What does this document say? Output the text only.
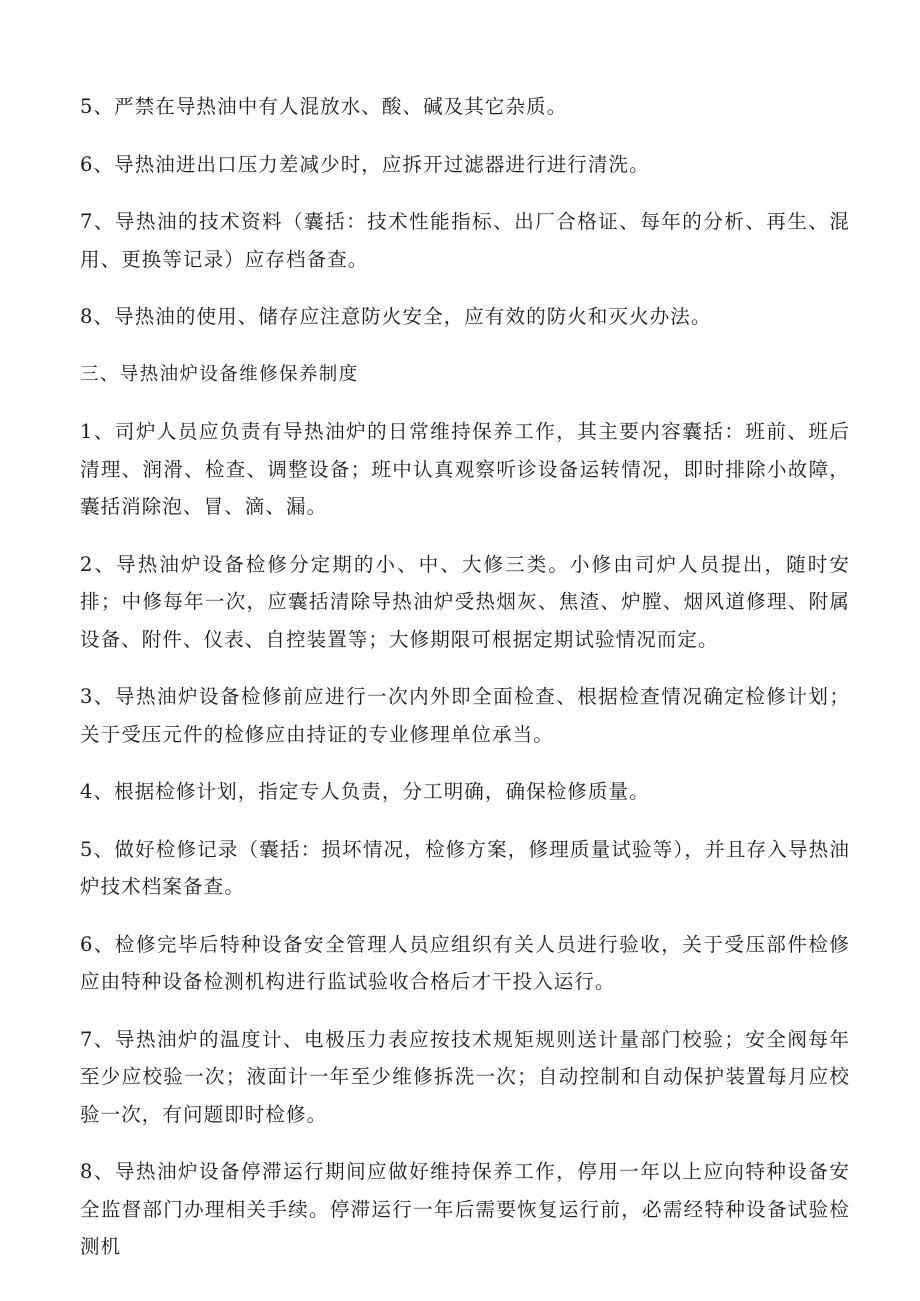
5、严禁在导热油中有人混放水、酸、碱及其它杂质。

6、导热油进出口压力差减少时，应拆开过滤器进行进行清洗。

7、导热油的技术资料（囊括：技术性能指标、出厂合格证、每年的分析、再生、混用、更换等记录）应存档备查。

8、导热油的使用、储存应注意防火安全，应有效的防火和灭火办法。

三、导热油炉设备维修保养制度

1、司炉人员应负责有导热油炉的日常维持保养工作，其主要内容囊括：班前、班后清理、润滑、检查、调整设备；班中认真观察听诊设备运转情况，即时排除小故障，囊括消除泡、冒、滴、漏。

2、导热油炉设备检修分定期的小、中、大修三类。小修由司炉人员提出，随时安排；中修每年一次，应囊括清除导热油炉受热烟灰、焦渣、炉膛、烟风道修理、附属设备、附件、仪表、自控装置等；大修期限可根据定期试验情况而定。

3、导热油炉设备检修前应进行一次内外即全面检查、根据检查情况确定检修计划；关于受压元件的检修应由持证的专业修理单位承当。

4、根据检修计划，指定专人负责，分工明确，确保检修质量。

5、做好检修记录（囊括：损坏情况，检修方案，修理质量试验等），并且存入导热油炉技术档案备查。

6、检修完毕后特种设备安全管理人员应组织有关人员进行验收，关于受压部件检修应由特种设备检测机构进行监试验收合格后才干投入运行。

7、导热油炉的温度计、电极压力表应按技术规矩规则送计量部门校验；安全阀每年至少应校验一次；液面计一年至少维修拆洗一次；自动控制和自动保护装置每月应校验一次，有问题即时检修。

8、导热油炉设备停滞运行期间应做好维持保养工作，停用一年以上应向特种设备安全监督部门办理相关手续。停滞运行一年后需要恢复运行前，必需经特种设备试验检测机
